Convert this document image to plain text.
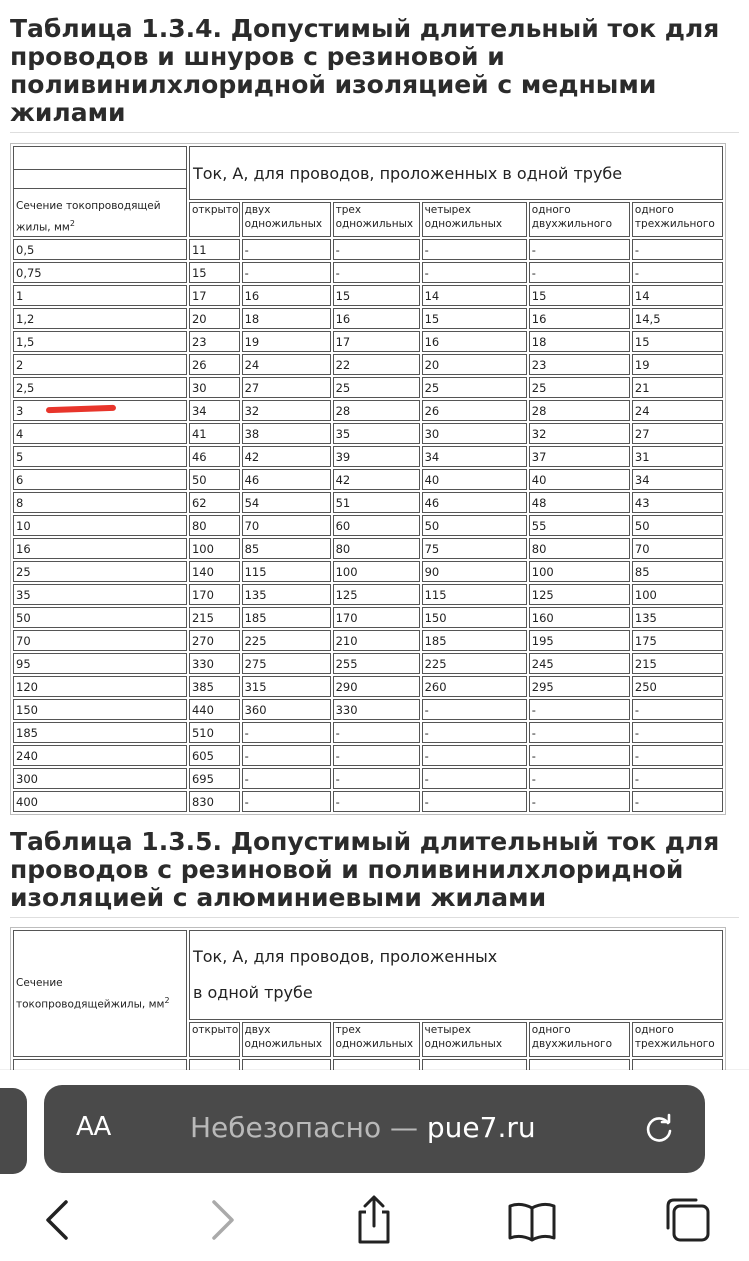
Таблица 1.3.4. Допустимый длительный ток для проводов и шнуров с резиновой и поливинилхлоридной изоляцией с медными жилами
Сечение токопроводящей жилы, $мм^2$	Ток, А, для проводов, проложенных в одной трубе					
	открыто	двух одножильных	трех одножильных	четырех одножильных	одного двухжильного	одного трехжильного
0,5	11	-	-	-	-	-
0,75	15	-	-	-	-	-
1	17	16	15	14	15	14
1,2	20	18	16	15	16	14,5
1,5	23	19	17	16	18	15
2	26	24	22	20	23	19
2,5	30	27	25	25	25	21
3	34	32	28	26	28	24
4	41	38	35	30	32	27
5	46	42	39	34	37	31
6	50	46	42	40	40	34
8	62	54	51	46	48	43
10	80	70	60	50	55	50
16	100	85	80	75	80	70
25	140	115	100	90	100	85
35	170	135	125	115	125	100
50	215	185	170	150	160	135
70	270	225	210	185	195	175
95	330	275	255	225	245	215
120	385	315	290	260	295	250
150	440	360	330	-	-	-
185	510	-	-	-	-	-
240	605	-	-	-	-	-
300	695	-	-	-	-	-
400	830	-	-	-	-	-
Таблица 1.3.5. Допустимый длительный ток для проводов с резиновой и поливинилхлоридной изоляцией с алюминиевыми жилами
Сечение
токопроводящейжилы, $мм^2$	Ток, А, для проводов, проложенных
в одной трубе					
	открыто	двух одножильных	трех одножильных	четырех одножильных	одного двухжильного	одного трехжильного

AA	Небезопасно — pue7.ru
